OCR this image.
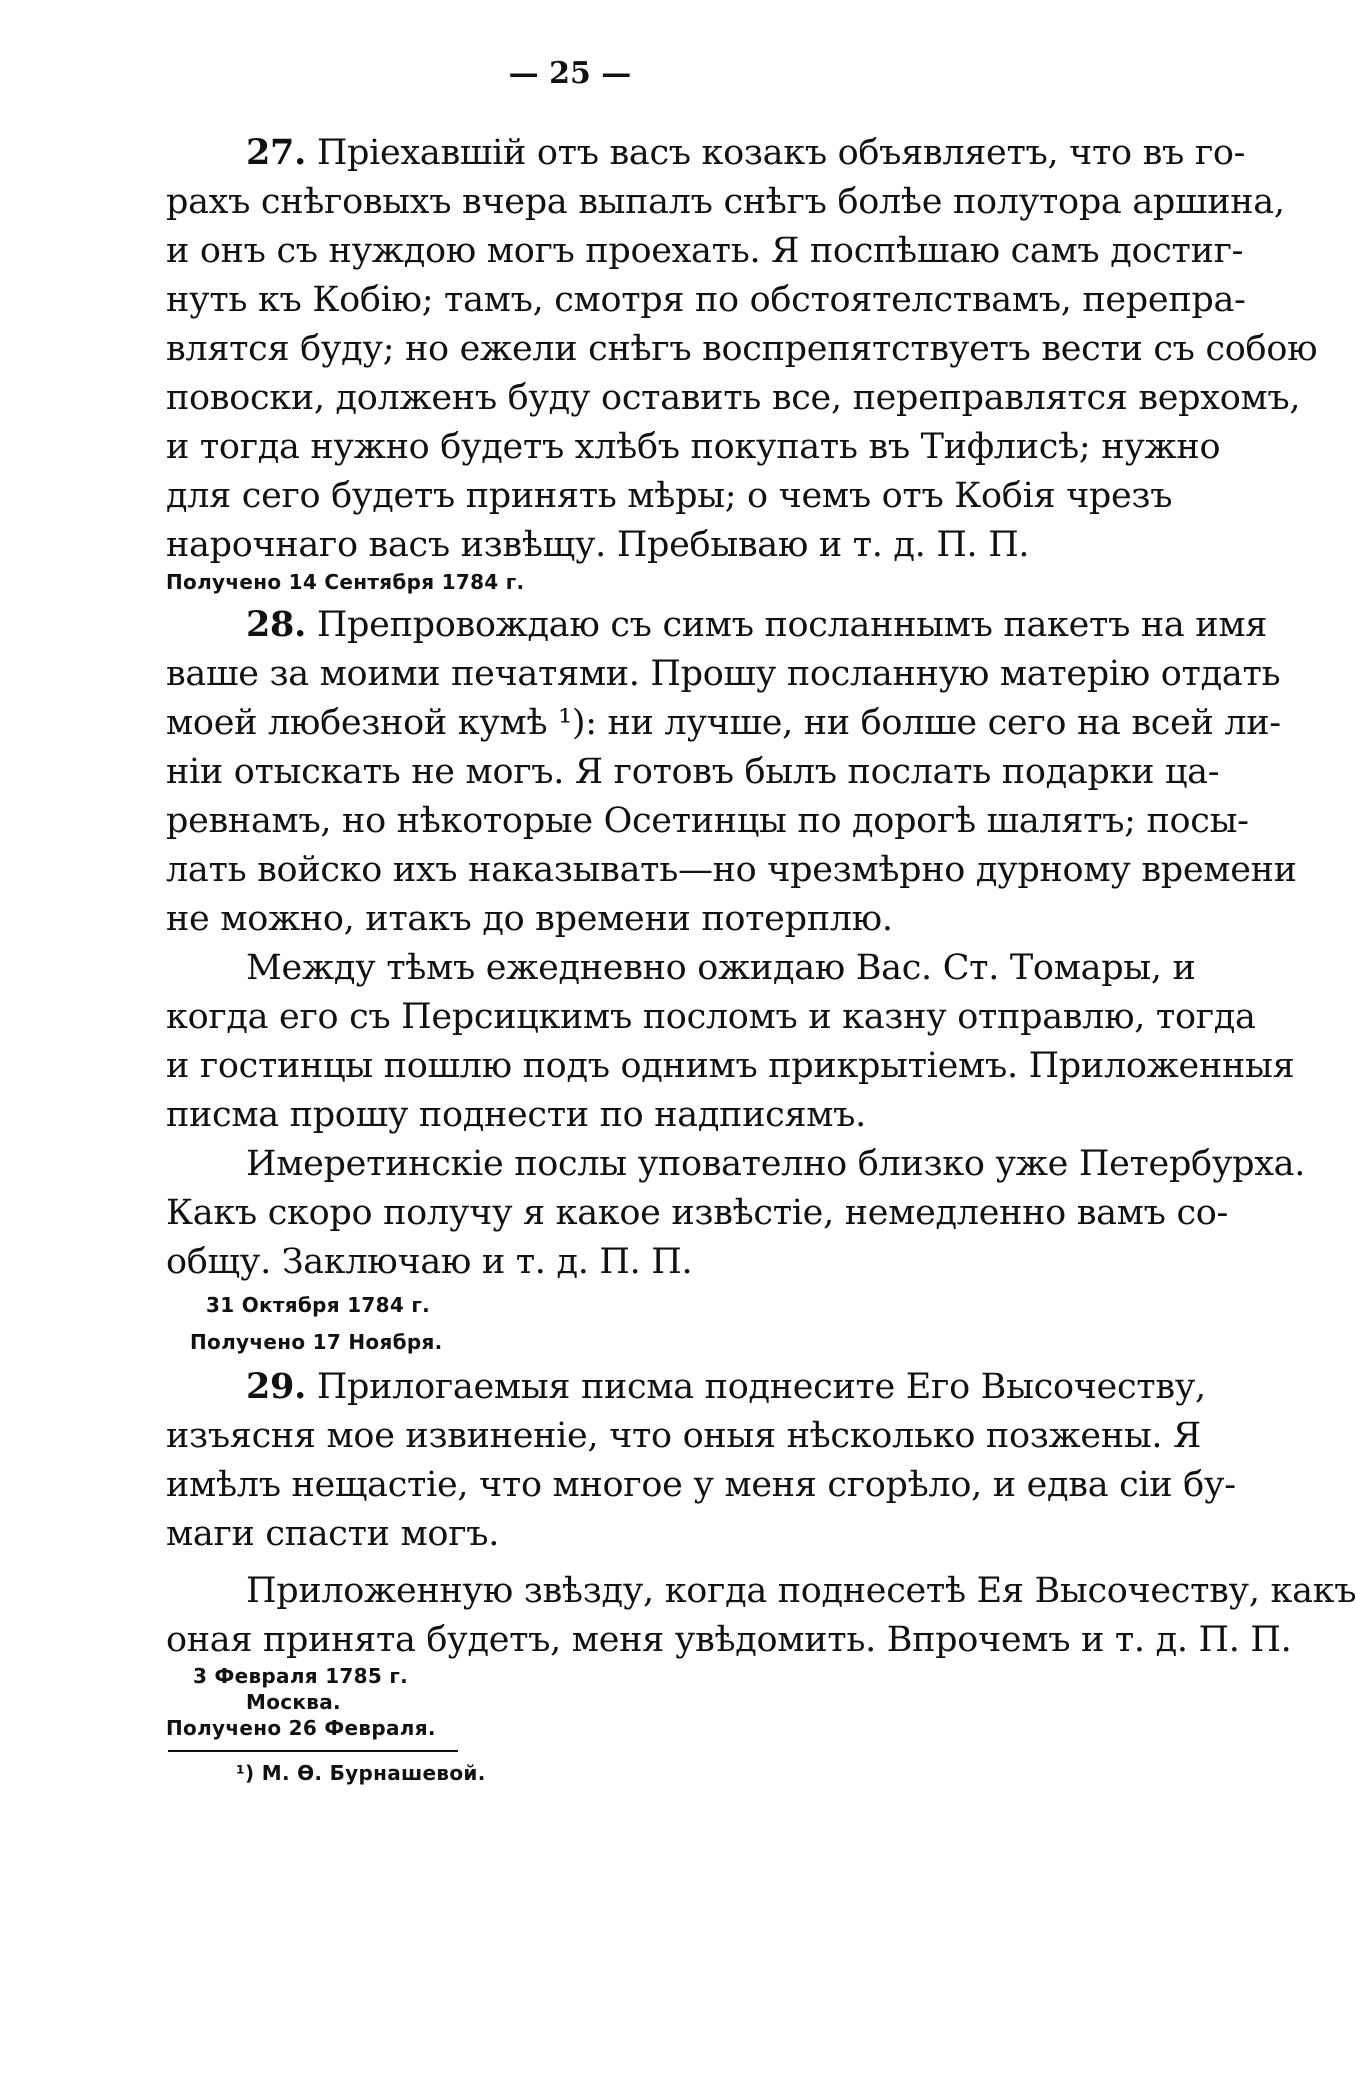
— 25 —
27. Пріехавшій отъ васъ козакъ объявляетъ, что въ го-
рахъ снѣговыхъ вчера выпалъ снѣгъ болѣе полутора аршина,
и онъ съ нуждою могъ проехать. Я поспѣшаю самъ достиг-
нуть къ Кобію; тамъ, смотря по обстоятелствамъ, перепра-
влятся буду; но ежели снѣгъ воспрепятствуетъ вести съ собою
повоски, долженъ буду оставить все, переправлятся верхомъ,
и тогда нужно будетъ хлѣбъ покупать въ Тифлисѣ; нужно
для сего будетъ принять мѣры; о чемъ отъ Кобія чрезъ
нарочнаго васъ извѣщу. Пребываю и т. д. П. П.
Получено 14 Сентября 1784 г.
28. Препровождаю съ симъ посланнымъ пакетъ на имя
ваше за моими печатями. Прошу посланную матерію отдать
моей любезной кумѣ ¹): ни лучше, ни болше сего на всей ли-
ніи отыскать не могъ. Я готовъ былъ послать подарки ца-
ревнамъ, но нѣкоторые Осетинцы по дорогѣ шалятъ; посы-
лать войско ихъ наказывать—но чрезмѣрно дурному времени
не можно, итакъ до времени потерплю.
Между тѣмъ ежедневно ожидаю Вас. Ст. Томары, и
когда его съ Персицкимъ посломъ и казну отправлю, тогда
и гостинцы пошлю подъ однимъ прикрытіемъ. Приложенныя
писма прошу поднести по надписямъ.
Имеретинскіе послы упователно близко уже Петербурха.
Какъ скоро получу я какое извѣстіе, немедленно вамъ со-
общу. Заключаю и т. д. П. П.
31 Октября 1784 г.
Получено 17 Ноября.
29. Прилогаемыя писма поднесите Его Высочеству,
изъясня мое извиненіе, что оныя нѣсколько позжены. Я
имѣлъ нещастіе, что многое у меня сгорѣло, и едва сіи бу-
маги спасти могъ.
Приложенную звѣзду, когда поднесетѣ Ея Высочеству, какъ
оная принята будетъ, меня увѣдомить. Впрочемъ и т. д. П. П.
3 Февраля 1785 г.
Москва.
Получено 26 Февраля.
¹) М. Ѳ. Бурнашевой.
